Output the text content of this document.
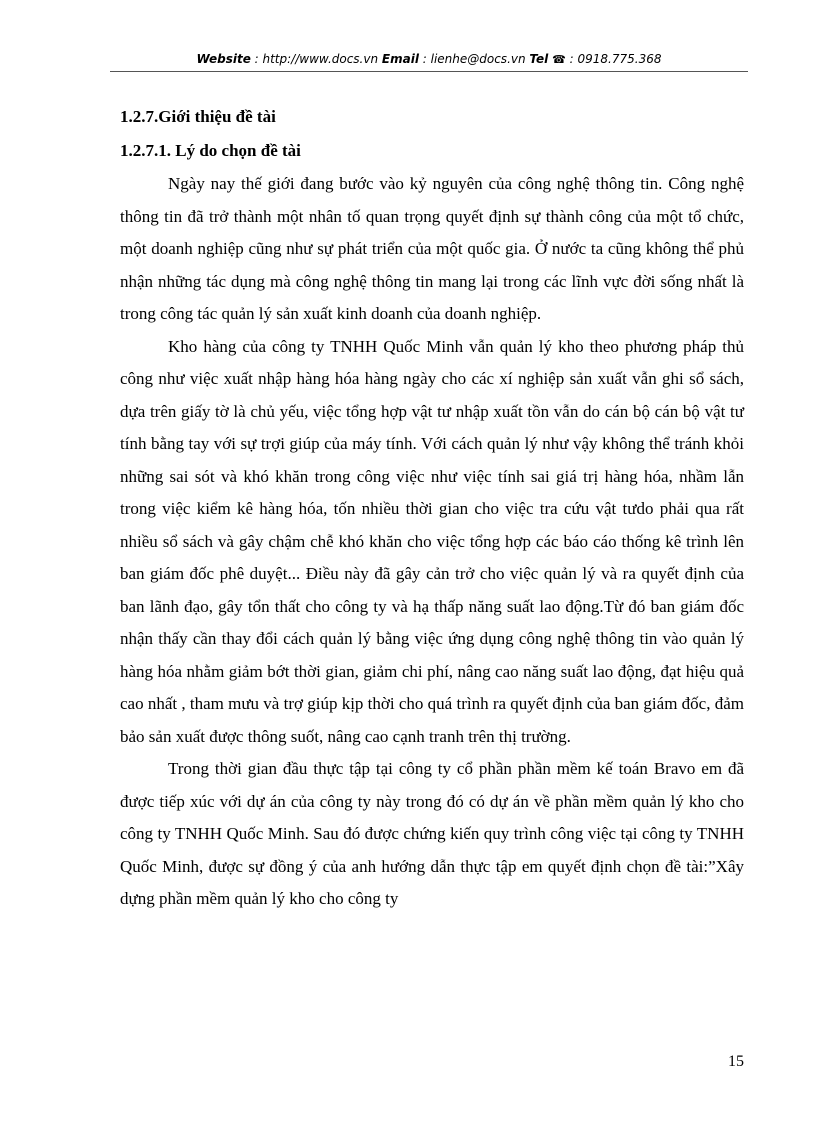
Website : http://www.docs.vn Email : lienhe@docs.vn Tel ☎ : 0918.775.368

1.2.7.Giới thiệu đề tài

1.2.7.1. Lý do chọn đề tài

Ngày nay thế giới đang bước vào kỷ nguyên của công nghệ thông tin. Công nghệ thông tin đã trở thành một nhân tố quan trọng quyết định sự thành công của một tổ chức, một doanh nghiệp cũng như sự phát triển của một quốc gia. Ở nước ta cũng không thể phủ nhận những tác dụng mà công nghệ thông tin mang lại trong các lĩnh vực đời sống nhất là trong công tác quản lý sản xuất kinh doanh của doanh nghiệp.

Kho hàng của công ty TNHH Quốc Minh vẫn quản lý kho theo phương pháp thủ công như việc xuất nhập hàng hóa hàng ngày cho các xí nghiệp sản xuất vẫn ghi sổ sách, dựa trên giấy tờ là chủ yếu, việc tổng hợp vật tư nhập xuất tồn vẫn do cán bộ cán bộ vật tư tính bằng tay với sự trợi giúp của máy tính. Với cách quản lý như vậy không thể tránh khỏi những sai sót và khó khăn trong công việc như việc tính sai giá trị hàng hóa, nhầm lẫn trong việc kiểm kê hàng hóa, tốn nhiều thời gian cho việc tra cứu vật tưdo phải qua rất nhiều sổ sách và gây chậm chễ khó khăn cho việc tổng hợp các báo cáo thống kê trình lên ban giám đốc phê duyệt... Điều này đã gây cản trở cho việc quản lý và ra quyết định của ban lãnh đạo, gây tổn thất cho công ty và hạ thấp năng suất lao động.Từ đó ban giám đốc nhận thấy cần thay đổi cách quản lý bằng việc ứng dụng công nghệ thông tin vào quản lý hàng hóa nhằm giảm bớt thời gian, giảm chi phí, nâng cao năng suất lao động, đạt hiệu quả cao nhất , tham mưu và trợ giúp kịp thời cho quá trình ra quyết định của ban giám đốc, đảm bảo sản xuất được thông suốt, nâng cao cạnh tranh trên thị trường.

Trong thời gian đầu thực tập tại công ty cổ phần phần mềm kế toán Bravo em đã được tiếp xúc với dự án của công ty này trong đó có dự án về phần mềm quản lý kho cho công ty TNHH Quốc Minh. Sau đó được chứng kiến quy trình công việc tại công ty TNHH Quốc Minh, được sự đồng ý của anh hướng dẫn thực tập em quyết định chọn đề tài:”Xây dựng phần mềm quản lý kho cho công ty

15
